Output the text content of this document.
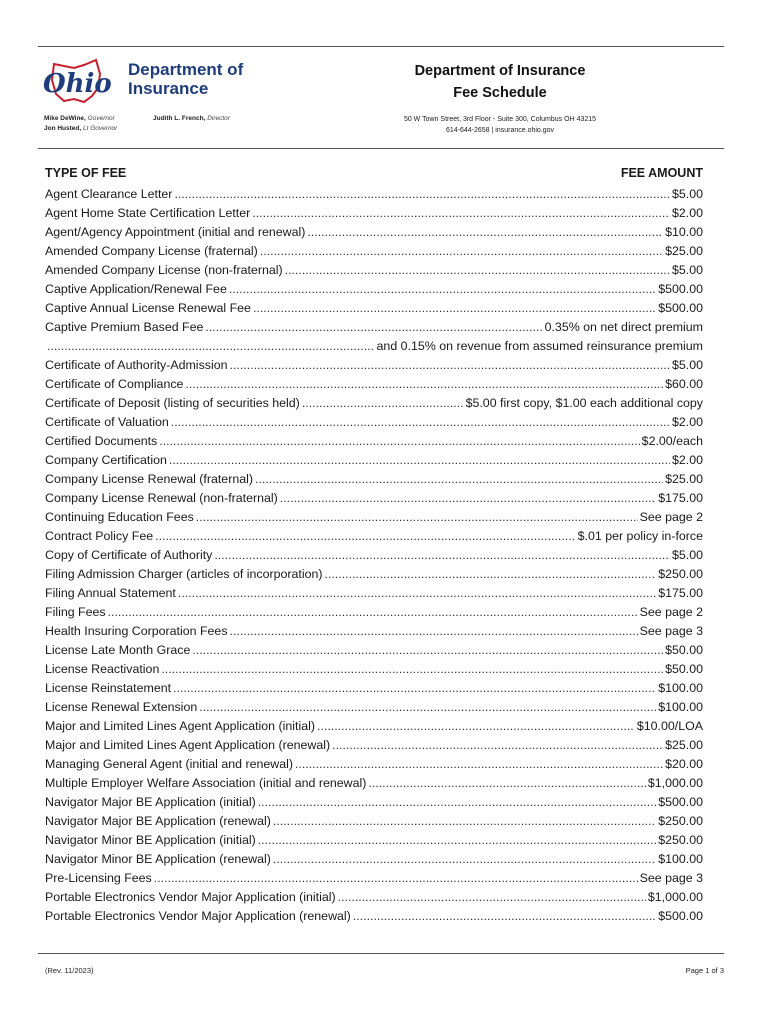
Ohio Department of
Insurance
Mike DeWine, Governor
Jon Husted, Lt Governor
Judith L. French, Director
Department of Insurance
Fee Schedule
50 W Town Street, 3rd Floor - Suite 300, Columbus OH 43215
614-644-2658 | insurance.ohio.gov
TYPE OF FEE	FEE AMOUNT
Agent Clearance Letter .....	$5.00
Agent Home State Certification Letter .....	$2.00
Agent/Agency Appointment (initial and renewal) .....	$10.00
Amended Company License (fraternal) .....	$25.00
Amended Company License (non-fraternal) .....	$5.00
Captive Application/Renewal Fee .....	$500.00
Captive Annual License Renewal Fee .....	$500.00
Captive Premium Based Fee .....	0.35% on net direct premium
.....
and 0.15% on revenue from assumed reinsurance premium
Certificate of Authority-Admission .....	$5.00
Certificate of Compliance .....	$60.00
Certificate of Deposit (listing of securities held) .....	$5.00 first copy, $1.00 each additional copy
Certificate of Valuation .....	$2.00
Certified Documents .....	$2.00/each
Company Certification .....	$2.00
Company License Renewal (fraternal) .....	$25.00
Company License Renewal (non-fraternal) .....	$175.00
Continuing Education Fees .....	See page 2
Contract Policy Fee .....	$.01 per policy in-force
Copy of Certificate of Authority .....	$5.00
Filing Admission Charger (articles of incorporation) .....	$250.00
Filing Annual Statement .....	$175.00
Filing Fees .....	See page 2
Health Insuring Corporation Fees .....	See page 3
License Late Month Grace .....	$50.00
License Reactivation .....	$50.00
License Reinstatement .....	$100.00
License Renewal Extension .....	$100.00
Major and Limited Lines Agent Application (initial) .....	$10.00/LOA
Major and Limited Lines Agent Application (renewal) .....	$25.00
Managing General Agent (initial and renewal) .....	$20.00
Multiple Employer Welfare Association (initial and renewal) .....	$1,000.00
Navigator Major BE Application (initial) .....	$500.00
Navigator Major BE Application (renewal) .....	$250.00
Navigator Minor BE Application (initial) .....	$250.00
Navigator Minor BE Application (renewal) .....	$100.00
Pre-Licensing Fees .....	See page 3
Portable Electronics Vendor Major Application (initial) .....	$1,000.00
Portable Electronics Vendor Major Application (renewal) .....	$500.00
(Rev. 11/2023)	Page 1 of 3
